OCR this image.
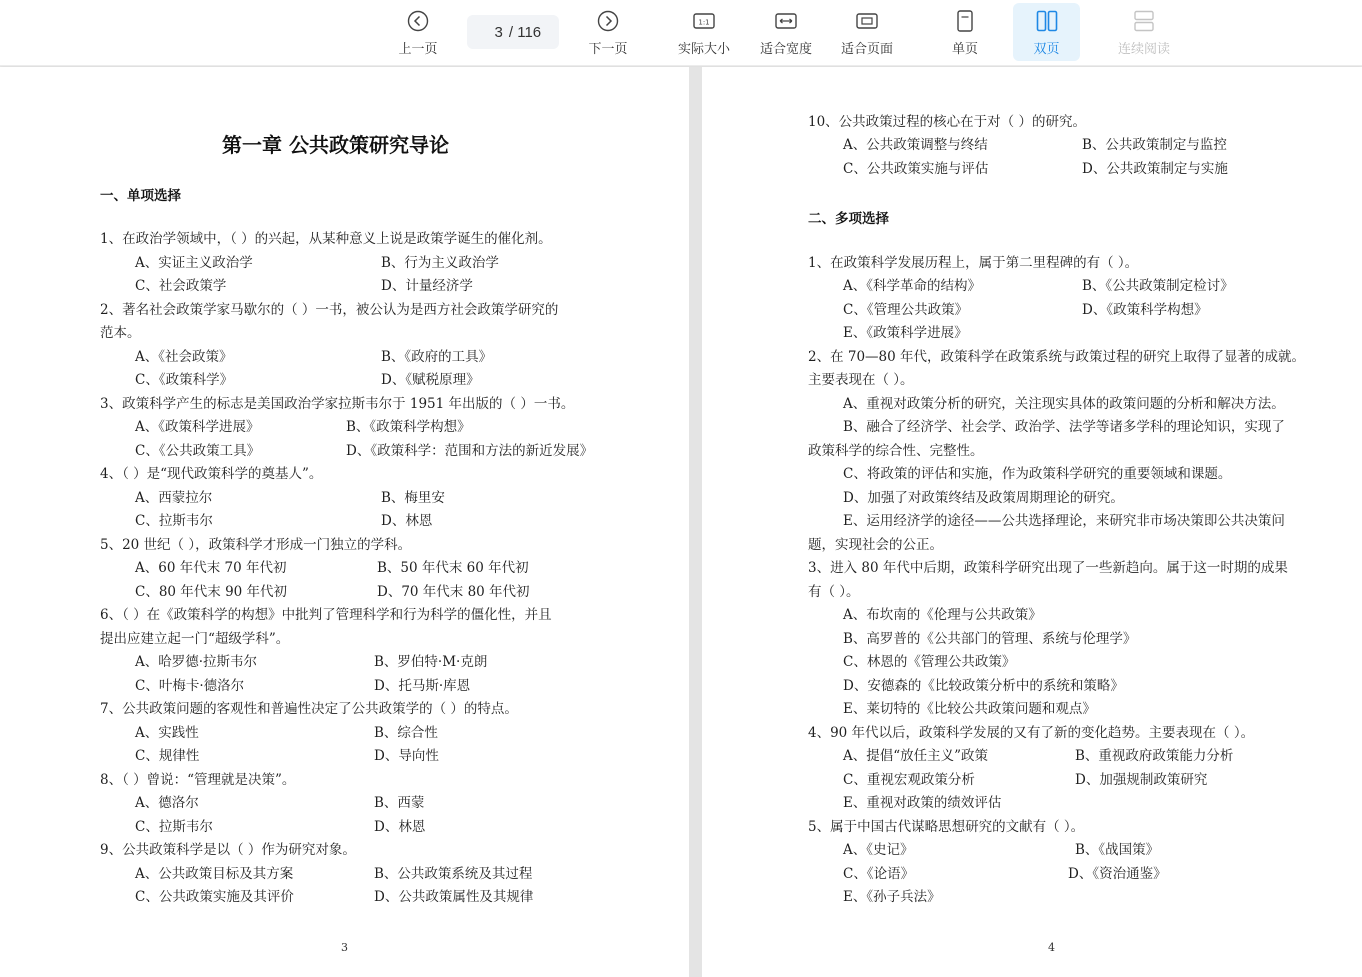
上一页
3
/ 116
下一页
1:1
实际大小 适合宽度 适合页面	单页	双页	连续阅读
第一章 公共政策研究导论
一、单项选择
1、在政治学领域中，（ ）的兴起，从某种意义上说是政策学诞生的催化剂。
A、实证主义政治学	B、行为主义政治学
C、社会政策学	D、计量经济学
2、著名社会政策学家马歇尔的（ ）一书，被公认为是西方社会政策学研究的
范本。
A、《社会政策》	B、《政府的工具》
C、《政策科学》	D、《赋税原理》
3、政策科学产生的标志是美国政治学家拉斯韦尔于 1951 年出版的（ ）一书。
A、《政策科学进展》	B、《政策科学构想》
C、《公共政策工具》	D、《政策科学：范围和方法的新近发展》
4、（ ）是“现代政策科学的奠基人”。
A、西蒙拉尔	B、梅里安
C、拉斯韦尔	D、林恩
5、20 世纪（ ），政策科学才形成一门独立的学科。
A、60 年代末 70 年代初	B、50 年代末 60 年代初
C、80 年代末 90 年代初	D、70 年代末 80 年代初
6、（ ）在《政策科学的构想》中批判了管理科学和行为科学的僵化性，并且
提出应建立起一门“超级学科”。
A、哈罗德·拉斯韦尔	B、罗伯特·M·克朗
C、叶梅卡·德洛尔	D、托马斯·库恩
7、公共政策问题的客观性和普遍性决定了公共政策学的（ ）的特点。
A、实践性	B、综合性
C、规律性	D、导向性
8、（ ）曾说：“管理就是决策”。
A、德洛尔	B、西蒙
C、拉斯韦尔	D、林恩
9、公共政策科学是以（ ）作为研究对象。
A、公共政策目标及其方案	B、公共政策系统及其过程
C、公共政策实施及其评价	D、公共政策属性及其规律
3
10、公共政策过程的核心在于对（ ）的研究。
A、公共政策调整与终结	B、公共政策制定与监控
C、公共政策实施与评估	D、公共政策制定与实施
二、多项选择
1、在政策科学发展历程上，属于第二里程碑的有（ ）。
A、《科学革命的结构》	B、《公共政策制定检讨》
C、《管理公共政策》	D、《政策科学构想》
E、《政策科学进展》
2、在 70—80 年代，政策科学在政策系统与政策过程的研究上取得了显著的成就。
主要表现在（ ）。
A、重视对政策分析的研究，关注现实具体的政策问题的分析和解决方法。
B、融合了经济学、社会学、政治学、法学等诸多学科的理论知识，实现了
政策科学的综合性、完整性。
C、将政策的评估和实施，作为政策科学研究的重要领域和课题。
D、加强了对政策终结及政策周期理论的研究。
E、运用经济学的途径——公共选择理论，来研究非市场决策即公共决策问
题，实现社会的公正。
3、进入 80 年代中后期，政策科学研究出现了一些新趋向。属于这一时期的成果
有（ ）。
A、布坎南的《伦理与公共政策》
B、高罗普的《公共部门的管理、系统与伦理学》
C、林恩的《管理公共政策》
D、安德森的《比较政策分析中的系统和策略》
E、莱切特的《比较公共政策问题和观点》
4、90 年代以后，政策科学发展的又有了新的变化趋势。主要表现在（ ）。
A、提倡“放任主义”政策	B、重视政府政策能力分析
C、重视宏观政策分析	D、加强规制政策研究
E、重视对政策的绩效评估
5、属于中国古代谋略思想研究的文献有（ ）。
A、《史记》	B、《战国策》
C、《论语》	D、《资治通鉴》
E、《孙子兵法》
4
